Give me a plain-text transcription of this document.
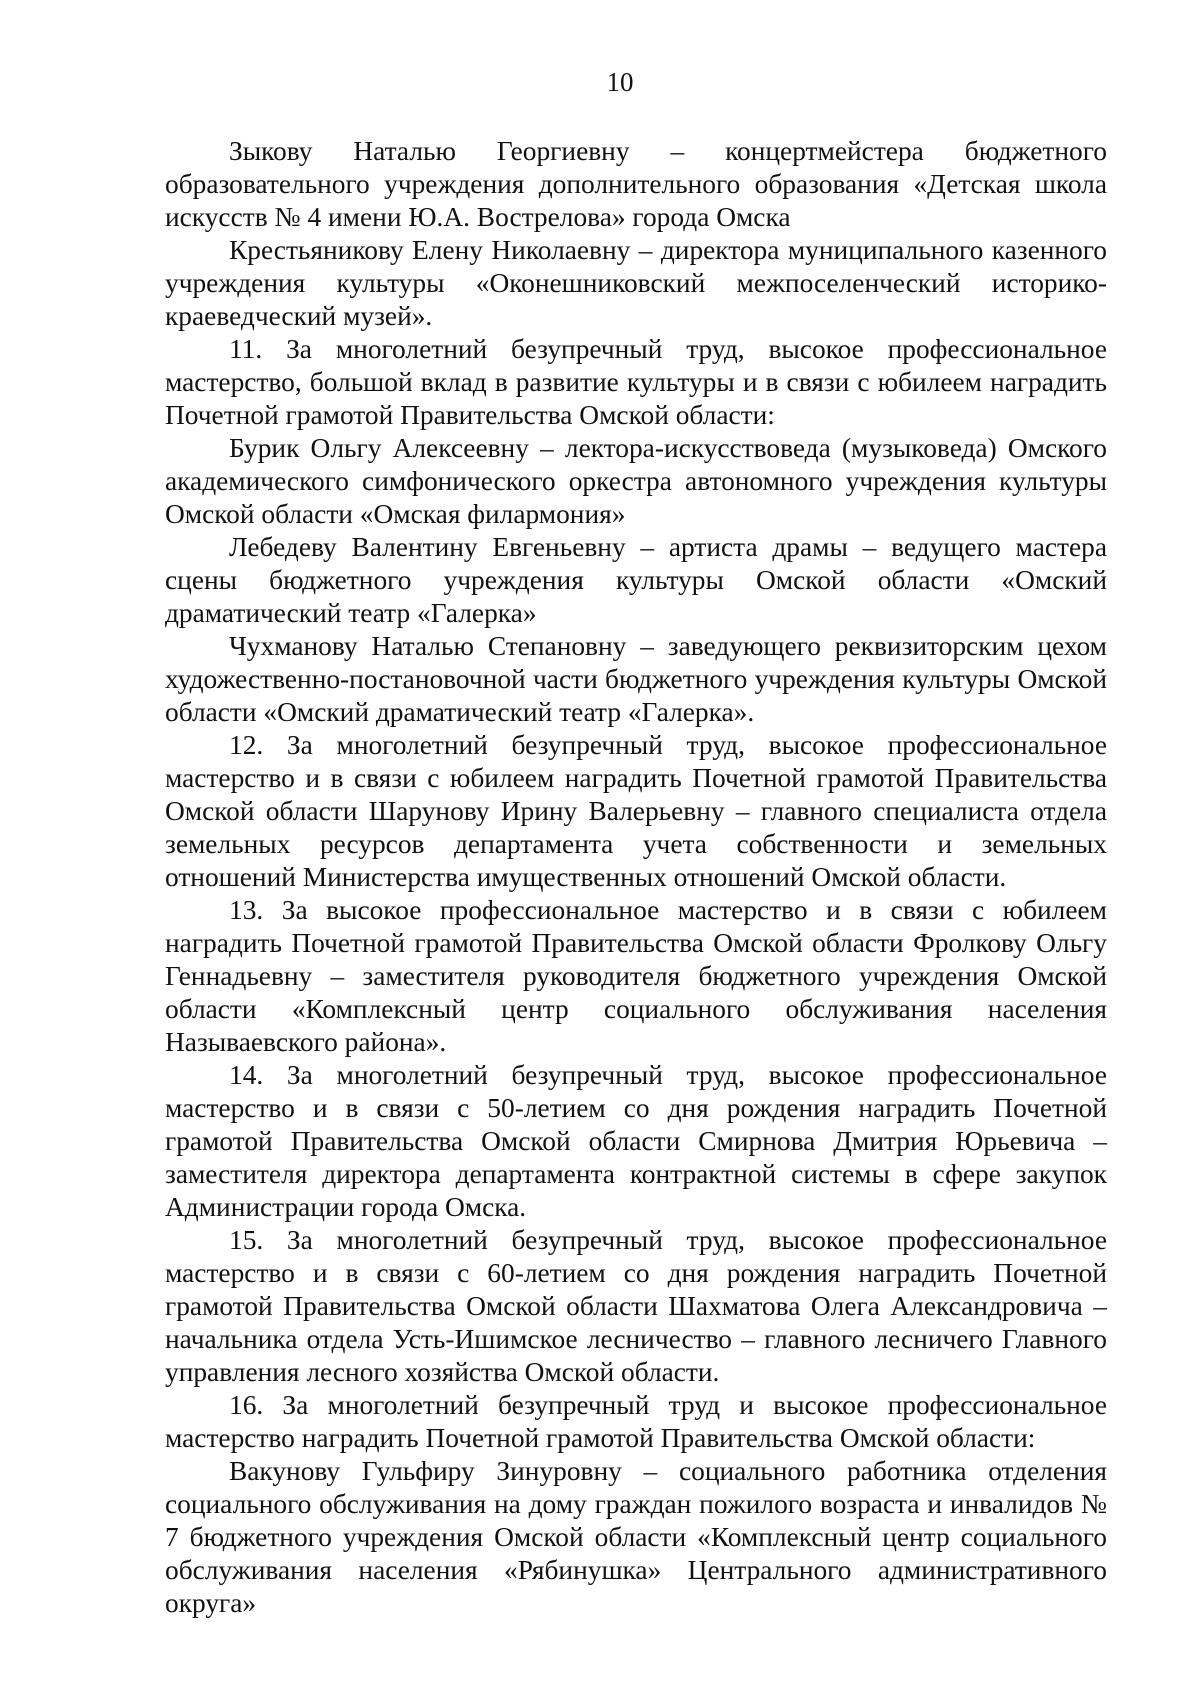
10

Зыкову Наталью Георгиевну – концертмейстера бюджетного образовательного учреждения дополнительного образования «Детская школа искусств № 4 имени Ю.А. Вострелова» города Омска

Крестьяникову Елену Николаевну – директора муниципального казенного учреждения культуры «Оконешниковский межпоселенческий историко-краеведческий музей».

11. За многолетний безупречный труд, высокое профессиональное мастерство, большой вклад в развитие культуры и в связи с юбилеем наградить Почетной грамотой Правительства Омской области:

Бурик Ольгу Алексеевну – лектора-искусствоведа (музыковеда) Омского академического симфонического оркестра автономного учреждения культуры Омской области «Омская филармония»

Лебедеву Валентину Евгеньевну – артиста драмы – ведущего мастера сцены бюджетного учреждения культуры Омской области «Омский драматический театр «Галерка»

Чухманову Наталью Степановну – заведующего реквизиторским цехом художественно-постановочной части бюджетного учреждения культуры Омской области «Омский драматический театр «Галерка».

12. За многолетний безупречный труд, высокое профессиональное мастерство и в связи с юбилеем наградить Почетной грамотой Правительства Омской области Шарунову Ирину Валерьевну – главного специалиста отдела земельных ресурсов департамента учета собственности и земельных отношений Министерства имущественных отношений Омской области.

13. За высокое профессиональное мастерство и в связи с юбилеем наградить Почетной грамотой Правительства Омской области Фролкову Ольгу Геннадьевну – заместителя руководителя бюджетного учреждения Омской области «Комплексный центр социального обслуживания населения Называевского района».

14. За многолетний безупречный труд, высокое профессиональное мастерство и в связи с 50-летием со дня рождения наградить Почетной грамотой Правительства Омской области Смирнова Дмитрия Юрьевича – заместителя директора департамента контрактной системы в сфере закупок Администрации города Омска.

15. За многолетний безупречный труд, высокое профессиональное мастерство и в связи с 60-летием со дня рождения наградить Почетной грамотой Правительства Омской области Шахматова Олега Александровича – начальника отдела Усть-Ишимское лесничество – главного лесничего Главного управления лесного хозяйства Омской области.

16. За многолетний безупречный труд и высокое профессиональное мастерство наградить Почетной грамотой Правительства Омской области:

Вакунову Гульфиру Зинуровну – социального работника отделения социального обслуживания на дому граждан пожилого возраста и инвалидов № 7 бюджетного учреждения Омской области «Комплексный центр социального обслуживания населения «Рябинушка» Центрального административного округа»
